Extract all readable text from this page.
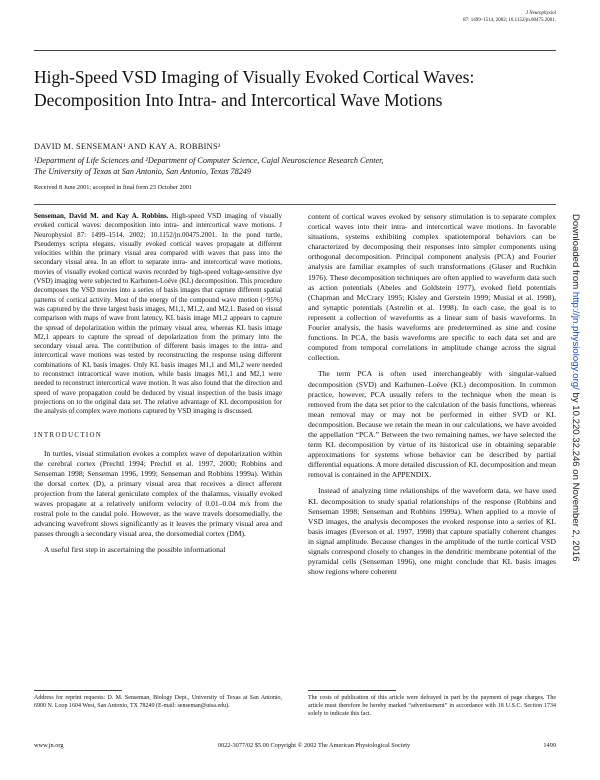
J Neurophysiol
87: 1499–1514, 2002; 10.1152/jn.00475.2001.
High-Speed VSD Imaging of Visually Evoked Cortical Waves: Decomposition Into Intra- and Intercortical Wave Motions
DAVID M. SENSEMAN¹ AND KAY A. ROBBINS²
¹Department of Life Sciences and ²Department of Computer Science, Cajal Neuroscience Research Center,
The University of Texas at San Antonio, San Antonio, Texas 78249
Received 8 June 2001; accepted in final form 23 October 2001

Senseman, David M. and Kay A. Robbins. High-speed VSD imaging of visually evoked cortical waves: decomposition into intra- and intercortical wave motions. J Neurophysiol 87: 1499–1514, 2002; 10.1152/jn.00475.2001. In the pond turtle, Pseudemys scripta elegans, visually evoked cortical waves propagate at different velocities within the primary visual area compared with waves that pass into the secondary visual area. In an effort to separate intra- and intercortical wave motions, movies of visually evoked cortical waves recorded by high-speed voltage-sensitive dye (VSD) imaging were subjected to Karhunen-Loéve (KL) decomposition. This procedure decomposes the VSD movies into a series of basis images that capture different spatial patterns of cortical activity. Most of the energy of the compound wave motion (>95%) was captured by the three largest basis images, M1,1, M1,2, and M2,1. Based on visual comparison with maps of wave front latency, KL basis image M1,2 appears to capture the spread of depolarization within the primary visual area, whereas KL basis image M2,1 appears to capture the spread of depolarization from the primary into the secondary visual area. The contribution of different basis images to the intra- and intercortical wave motions was tested by reconstructing the response using different combinations of KL basis images. Only KL basis images M1,1 and M1,2 were needed to reconstruct intracortical wave motion, while basis images M1,1 and M2,1 were needed to reconstruct intercortical wave motion. It was also found that the direction and speed of wave propagation could be deduced by visual inspection of the basis image projections on to the original data set. The relative advantage of KL decomposition for the analysis of complex wave motions captured by VSD imaging is discussed.

INTRODUCTION

In turtles, visual stimulation evokes a complex wave of depolarization within the cerebral cortex (Prechtl 1994; Prechtl et al. 1997, 2000; Robbins and Senseman 1998; Senseman 1996, 1999; Senseman and Robbins 1999a). Within the dorsal cortex (D), a primary visual area that receives a direct afferent projection from the lateral geniculate complex of the thalamus, visually evoked waves propagate at a relatively uniform velocity of 0.01–0.04 m/s from the rostral pole to the caudal pole. However, as the wave travels dorsomedially, the advancing wavefront slows significantly as it leaves the primary visual area and passes through a secondary visual area, the dorsomedial cortex (DM).

A useful first step in ascertaining the possible informational

content of cortical waves evoked by sensory stimulation is to separate complex cortical waves into their intra- and intercortical wave motions. In favorable situations, systems exhibiting complex spatiotemporal behaviors can be characterized by decomposing their responses into simpler components using orthogonal decomposition. Principal component analysis (PCA) and Fourier analysis are familiar examples of such transformations (Glaser and Ruchkin 1976). These decomposition techniques are often applied to waveform data such as action potentials (Abeles and Goldstein 1977), evoked field potentials (Chapman and McCrary 1995; Kisley and Gerstein 1999; Musial et al. 1998), and synaptic potentials (Astrelin et al. 1998). In each case, the goal is to represent a collection of waveforms as a linear sum of basis waveforms. In Fourier analysis, the basis waveforms are predetermined as sine and cosine functions. In PCA, the basis waveforms are specific to each data set and are computed from temporal correlations in amplitude change across the signal collection.

The term PCA is often used interchangeably with singular-valued decomposition (SVD) and Karhunen–Loéve (KL) decomposition. In common practice, however, PCA usually refers to the technique when the mean is removed from the data set prior to the calculation of the basis functions, whereas mean removal may or may not be performed in either SVD or KL decomposition. Because we retain the mean in our calculations, we have avoided the appellation “PCA.” Between the two remaining names, we have selected the term KL decomposition by virtue of its historical use in obtaining separable approximations for systems whose behavior can be described by partial differential equations. A more detailed discussion of KL decomposition and mean removal is contained in the APPENDIX.

Instead of analyzing time relationships of the waveform data, we have used KL decomposition to study spatial relationships of the response (Robbins and Senseman 1998; Senseman and Robbins 1999a). When applied to a movie of VSD images, the analysis decomposes the evoked response into a series of KL basis images (Everson et al. 1997, 1998) that capture spatially coherent changes in signal amplitude. Because changes in the amplitude of the turtle cortical VSD signals correspond closely to changes in the dendritic membrane potential of the pyramidal cells (Senseman 1996), one might conclude that KL basis images show regions where coherent

Address for reprint requests: D. M. Senseman, Biology Dept., University of Texas at San Antonio, 6900 N. Loop 1604 West, San Antonio, TX 78249 (E-mail: senseman@utsa.edu).
The costs of publication of this article were defrayed in part by the payment of page charges. The article must therefore be hereby marked “advertisement” in accordance with 18 U.S.C. Section 1734 solely to indicate this fact.
www.jn.org	0022-3077/02 $5.00 Copyright © 2002 The American Physiological Society	1499
Downloaded from http://jn.physiology.org/ by 10.220.32.246 on November 2, 2016
